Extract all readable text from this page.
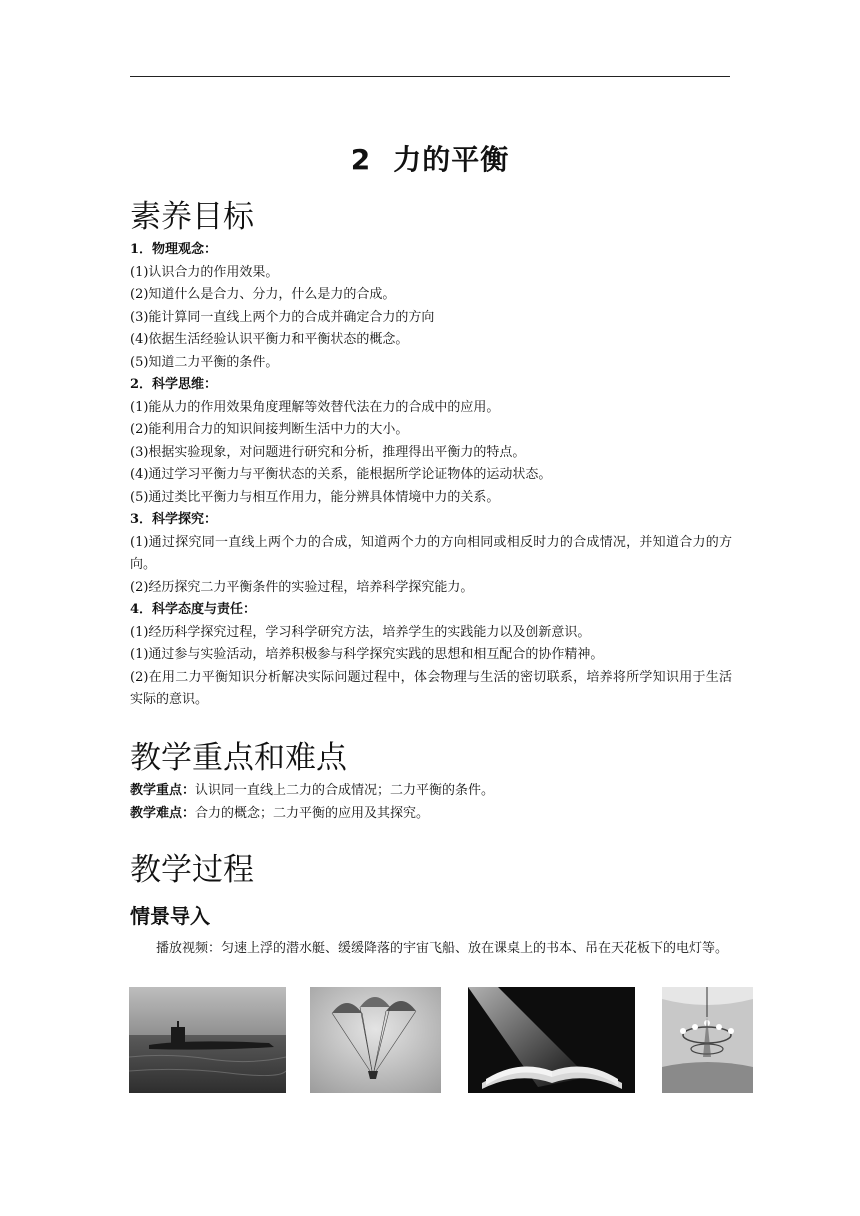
2 力的平衡
素养目标

1．物理观念：

(1)认识合力的作用效果。

(2)知道什么是合力、分力，什么是力的合成。

(3)能计算同一直线上两个力的合成并确定合力的方向

(4)依据生活经验认识平衡力和平衡状态的概念。

(5)知道二力平衡的条件。

2．科学思维：

(1)能从力的作用效果角度理解等效替代法在力的合成中的应用。

(2)能利用合力的知识间接判断生活中力的大小。

(3)根据实验现象，对问题进行研究和分析，推理得出平衡力的特点。

(4)通过学习平衡力与平衡状态的关系，能根据所学论证物体的运动状态。

(5)通过类比平衡力与相互作用力，能分辨具体情境中力的关系。

3．科学探究：

(1)通过探究同一直线上两个力的合成，知道两个力的方向相同或相反时力的合成情况，并知道合力的方向。

(2)经历探究二力平衡条件的实验过程，培养科学探究能力。

4．科学态度与责任：

(1)经历科学探究过程，学习科学研究方法，培养学生的实践能力以及创新意识。

(1)通过参与实验活动，培养积极参与科学探究实践的思想和相互配合的协作精神。

(2)在用二力平衡知识分析解决实际问题过程中，体会物理与生活的密切联系，培养将所学知识用于生活实际的意识。

教学重点和难点

教学重点：认识同一直线上二力的合成情况；二力平衡的条件。

教学难点：合力的概念；二力平衡的应用及其探究。

教学过程
情景导入

播放视频：匀速上浮的潜水艇、缓缓降落的宇宙飞船、放在课桌上的书本、吊在天花板下的电灯等。
